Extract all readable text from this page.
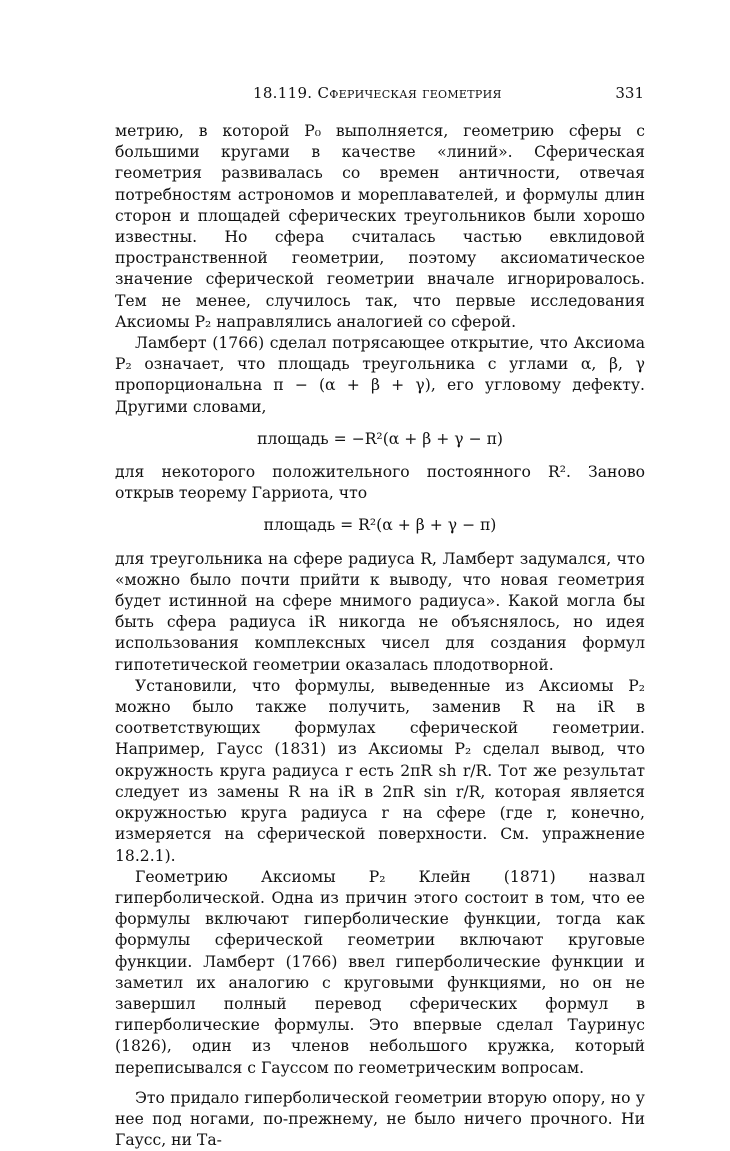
18.119. Сферическая геометрия	331

метрию, в которой P₀ выполняется, геометрию сферы с большими кругами в качестве «линий». Сферическая геометрия развивалась со времен античности, отвечая потребностям астрономов и мореплавателей, и формулы длин сторон и площадей сферических треугольников были хорошо известны. Но сфера считалась частью евклидовой пространственной геометрии, поэтому аксиоматическое значение сферической геометрии вначале игнорировалось. Тем не менее, случилось так, что первые исследования Аксиомы P₂ направлялись аналогией со сферой.

Ламберт (1766) сделал потрясающее открытие, что Аксиома P₂ означает, что площадь треугольника с углами α, β, γ пропорциональна π − (α + β + γ), его угловому дефекту. Другими словами,

площадь = −R²(α + β + γ − π)

для некоторого положительного постоянного R². Заново открыв теорему Гарриота, что

площадь = R²(α + β + γ − π)

для треугольника на сфере радиуса R, Ламберт задумался, что «можно было почти прийти к выводу, что новая геометрия будет истинной на сфере мнимого радиуса». Какой могла бы быть сфера радиуса iR никогда не объяснялось, но идея использования комплексных чисел для создания формул гипотетической геометрии оказалась плодотворной.

Установили, что формулы, выведенные из Аксиомы P₂ можно было также получить, заменив R на iR в соответствующих формулах сферической геометрии. Например, Гаусс (1831) из Аксиомы P₂ сделал вывод, что окружность круга радиуса r есть 2πR sh r/R. Тот же результат следует из замены R на iR в 2πR sin r/R, которая является окружностью круга радиуса r на сфере (где r, конечно, измеряется на сферической поверхности. См. упражнение 18.2.1).

Геометрию Аксиомы P₂ Клейн (1871) назвал гиперболической. Одна из причин этого состоит в том, что ее формулы включают гиперболические функции, тогда как формулы сферической геометрии включают круговые функции. Ламберт (1766) ввел гиперболические функции и заметил их аналогию с круговыми функциями, но он не завершил полный перевод сферических формул в гиперболические формулы. Это впервые сделал Тауринус (1826), один из членов небольшого кружка, который переписывался с Гауссом по геометрическим вопросам.

Это придало гиперболической геометрии вторую опору, но у нее под ногами, по-прежнему, не было ничего прочного. Ни Гаусс, ни Та-
